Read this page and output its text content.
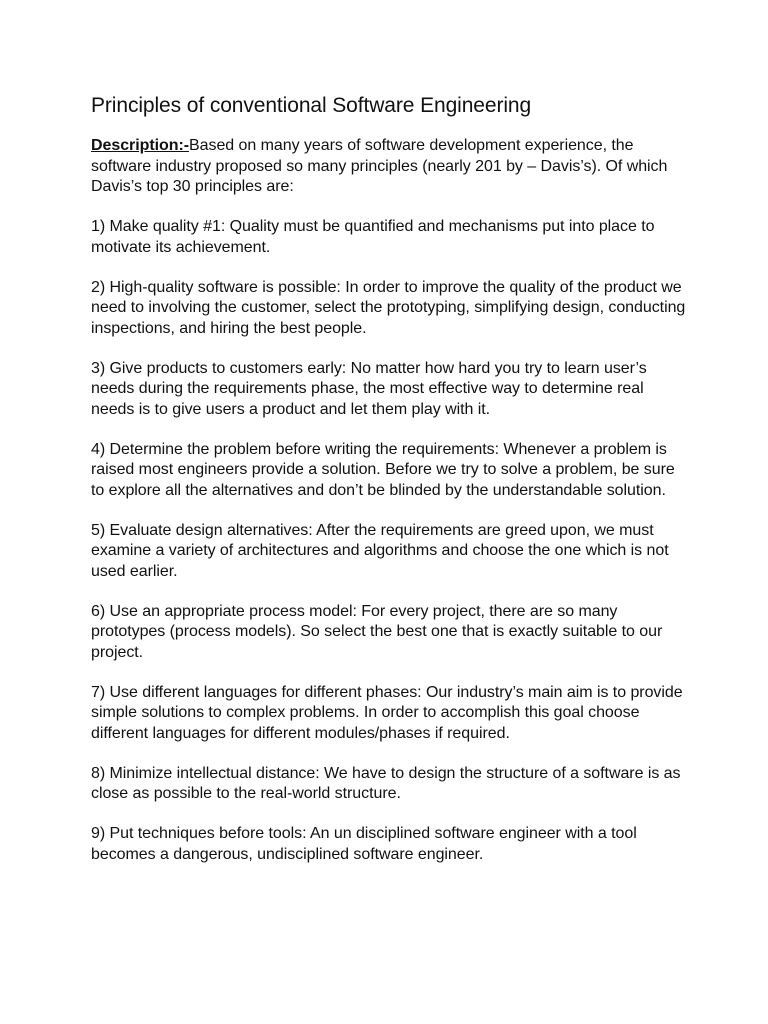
Principles of conventional Software Engineering

Description:-Based on many years of software development experience, the software industry proposed so many principles (nearly 201 by – Davis’s). Of which Davis’s top 30 principles are:

1) Make quality #1: Quality must be quantified and mechanisms put into place to motivate its achievement.

2) High-quality software is possible: In order to improve the quality of the product we need to involving the customer, select the prototyping, simplifying design, conducting inspections, and hiring the best people.

3) Give products to customers early: No matter how hard you try to learn user’s needs during the requirements phase, the most effective way to determine real needs is to give users a product and let them play with it.

4) Determine the problem before writing the requirements: Whenever a problem is raised most engineers provide a solution. Before we try to solve a problem, be sure to explore all the alternatives and don’t be blinded by the understandable solution.

5) Evaluate design alternatives: After the requirements are greed upon, we must examine a variety of architectures and algorithms and choose the one which is not used earlier.

6) Use an appropriate process model: For every project, there are so many prototypes (process models). So select the best one that is exactly suitable to our project.

7) Use different languages for different phases: Our industry’s main aim is to provide simple solutions to complex problems. In order to accomplish this goal choose different languages for different modules/phases if required.

8) Minimize intellectual distance: We have to design the structure of a software is as close as possible to the real-world structure.

9) Put techniques before tools: An un disciplined software engineer with a tool becomes a dangerous, undisciplined software engineer.
